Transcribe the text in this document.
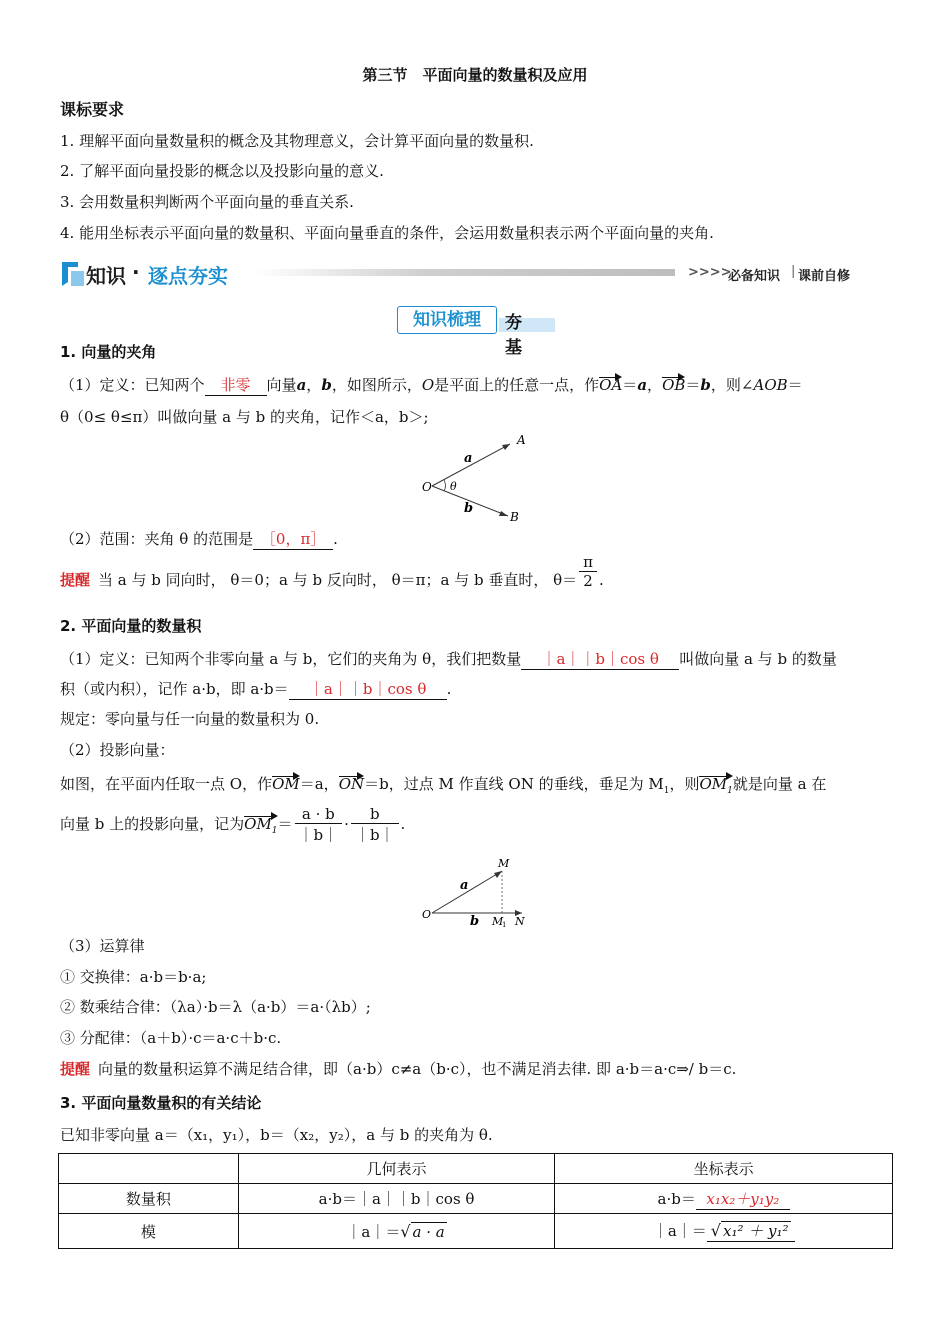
第三节　平面向量的数量积及应用
课标要求
1. 理解平面向量数量积的概念及其物理意义，会计算平面向量的数量积.
2. 了解平面向量投影的概念以及投影向量的意义.
3. 会用数量积判断两个平面向量的垂直关系.
4. 能用坐标表示平面向量的数量积、平面向量垂直的条件，会运用数量积表示两个平面向量的夹角.
知识 · 逐点夯实	>>>>
必备知识 | 课前自修
知识梳理	夯基
1. 向量的夹角
（1）定义：已知两个 非零 向量a，b，如图所示，O是平面上的任意一点，作OA＝a，OB＝b，则∠AOB＝
θ（0≤ θ≤π）叫做向量 a 与 b 的夹角，记作＜a，b＞;
A
B
O
a
b
θ
（2）范围：夹角 θ 的范围是 ［0，π］ .
提醒 当 a 与 b 同向时， θ＝0；a 与 b 反向时， θ＝π；a 与 b 垂直时， $\theta= \frac{\pi}{2}$ .
2. 平面向量的数量积
（1）定义：已知两个非零向量 a 与 b，它们的夹角为 θ，我们把数量 ｜a｜｜b｜cos θ 叫做向量 a 与 b 的数量
积（或内积），记作 a·b，即 a·b＝ ｜a｜｜b｜cos θ .
规定：零向量与任一向量的数量积为 0.
（2）投影向量：
如图，在平面内任取一点 O，作OM＝a，ON＝b，过点 M 作直线 ON 的垂线，垂足为 $M_1$，则$OM_1$就是向量 a 在
向量 b 上的投影向量，记为$OM_1= \frac{a \cdot b}{|b|} \cdot \frac{b}{|b|}$ .
M
O
a
b M
1 N
（3）运算律
① 交换律：a·b＝b·a;
② 数乘结合律：（λa）·b＝λ（a·b）＝a·（λb）;
③ 分配律：（a＋b）·c＝a·c＋b·c.
提醒 向量的数量积运算不满足结合律，即（a·b）c≠a（b·c），也不满足消去律. 即 a·b＝a·c⇒/ b＝c.
3. 平面向量数量积的有关结论
已知非零向量 a＝（x₁，y₁），b＝（x₂，y₂），a 与 b 的夹角为 θ.
	几何表示	坐标表示
数量积	a·b＝｜a｜｜b｜cos θ	a·b＝ x₁x₂＋y₁y₂
模	｜a｜＝√ a · a	｜a｜＝ √ x₁² ＋ y₁²
